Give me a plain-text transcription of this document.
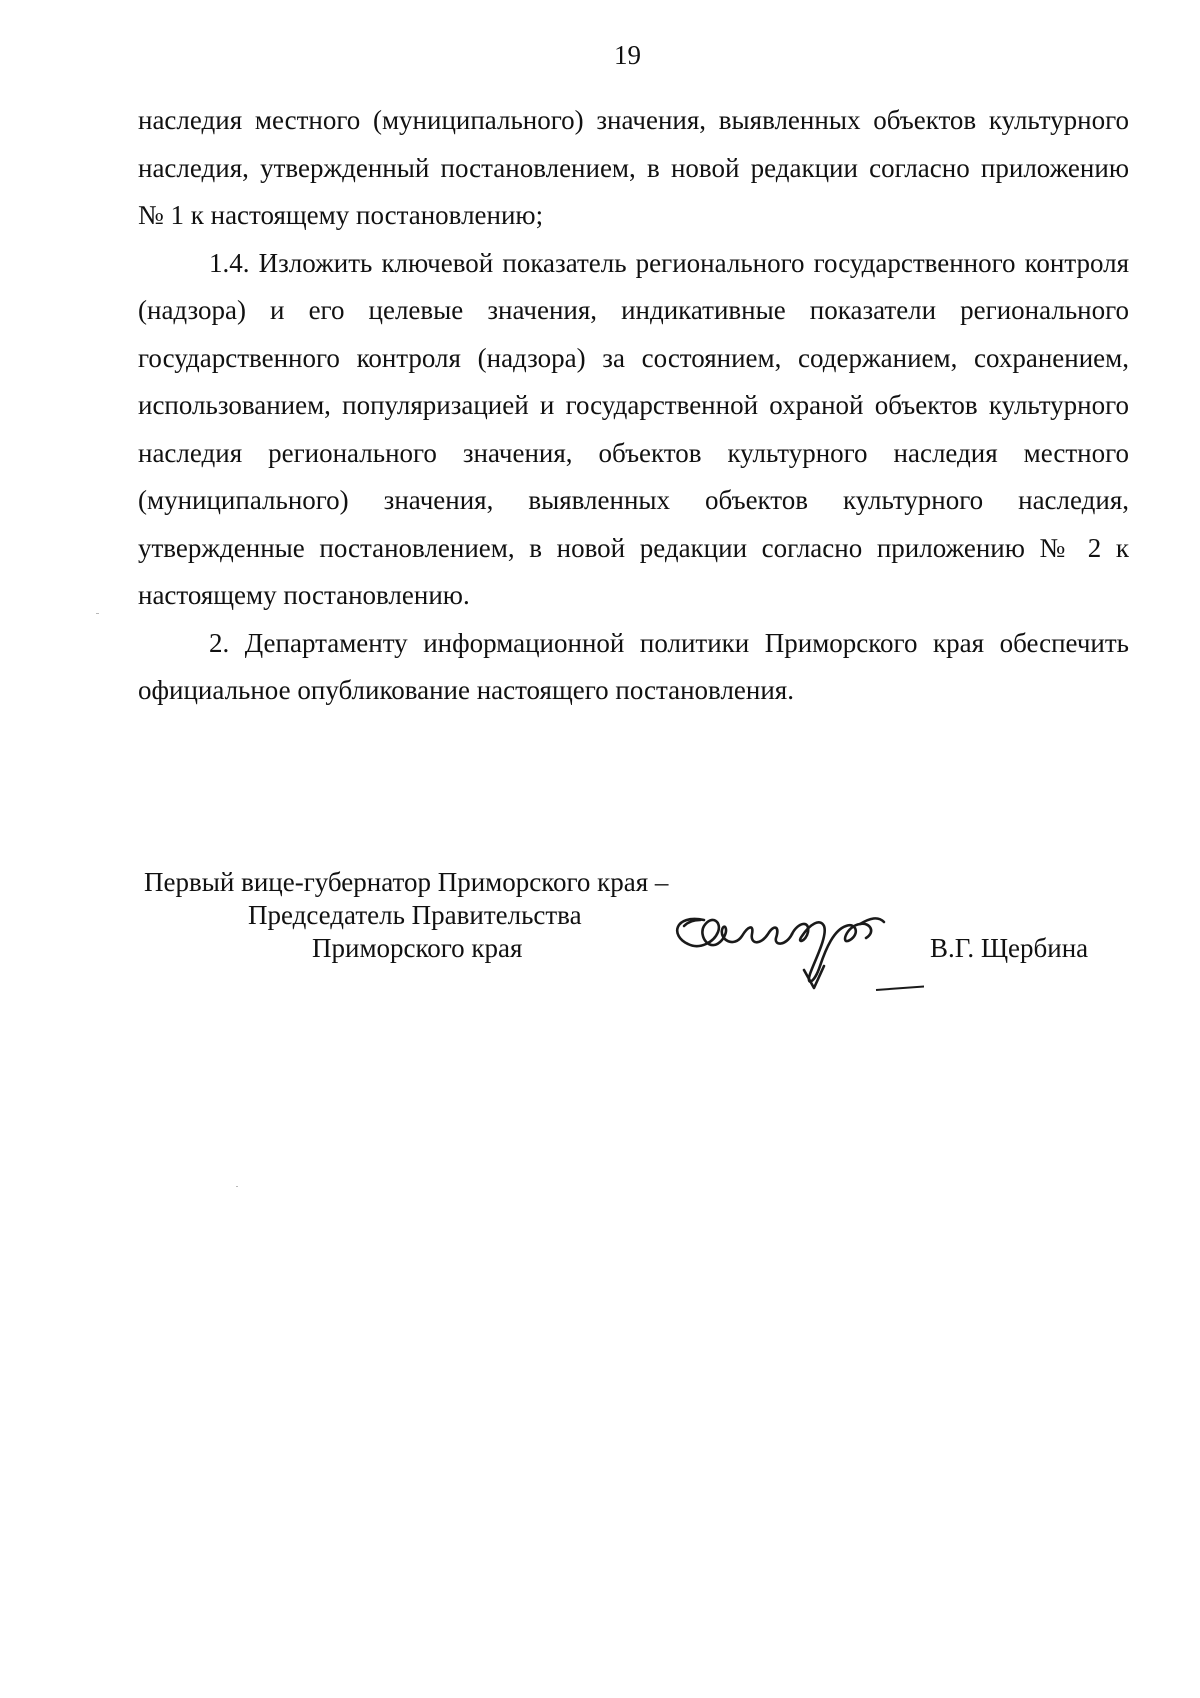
19

наследия местного (муниципального) значения, выявленных объектов культурного наследия, утвержденный постановлением, в новой редакции согласно приложению № 1 к настоящему постановлению;

1.4. Изложить ключевой показатель регионального государственного контроля (надзора) и его целевые значения, индикативные показатели регионального государственного контроля (надзора) за состоянием, содержанием, сохранением, использованием, популяризацией и государственной охраной объектов культурного наследия регионального значения, объектов культурного наследия местного (муниципального) значения, выявленных объектов культурного наследия, утвержденные постановлением, в новой редакции согласно приложению № 2 к настоящему постановлению.

2. Департаменту информационной политики Приморского края обеспечить официальное опубликование настоящего постановления.

Первый вице-губернатор Приморского края –
Председатель Правительства
Приморского края	В.Г. Щербина
